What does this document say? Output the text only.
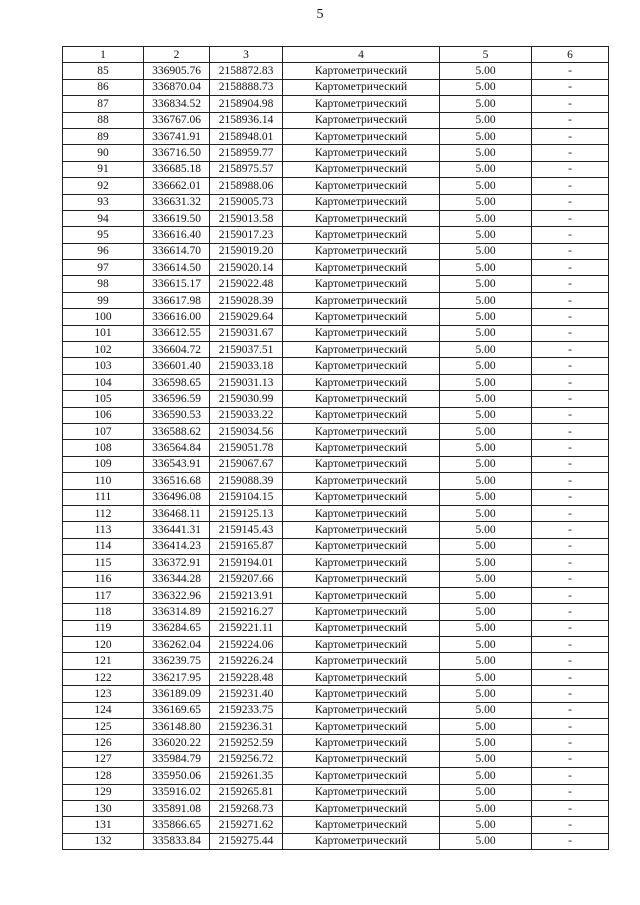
5
1	2	3	4	5	6
85	336905.76	2158872.83	Картометрический	5.00	-
86	336870.04	2158888.73	Картометрический	5.00	-
87	336834.52	2158904.98	Картометрический	5.00	-
88	336767.06	2158936.14	Картометрический	5.00	-
89	336741.91	2158948.01	Картометрический	5.00	-
90	336716.50	2158959.77	Картометрический	5.00	-
91	336685.18	2158975.57	Картометрический	5.00	-
92	336662.01	2158988.06	Картометрический	5.00	-
93	336631.32	2159005.73	Картометрический	5.00	-
94	336619.50	2159013.58	Картометрический	5.00	-
95	336616.40	2159017.23	Картометрический	5.00	-
96	336614.70	2159019.20	Картометрический	5.00	-
97	336614.50	2159020.14	Картометрический	5.00	-
98	336615.17	2159022.48	Картометрический	5.00	-
99	336617.98	2159028.39	Картометрический	5.00	-
100	336616.00	2159029.64	Картометрический	5.00	-
101	336612.55	2159031.67	Картометрический	5.00	-
102	336604.72	2159037.51	Картометрический	5.00	-
103	336601.40	2159033.18	Картометрический	5.00	-
104	336598.65	2159031.13	Картометрический	5.00	-
105	336596.59	2159030.99	Картометрический	5.00	-
106	336590.53	2159033.22	Картометрический	5.00	-
107	336588.62	2159034.56	Картометрический	5.00	-
108	336564.84	2159051.78	Картометрический	5.00	-
109	336543.91	2159067.67	Картометрический	5.00	-
110	336516.68	2159088.39	Картометрический	5.00	-
111	336496.08	2159104.15	Картометрический	5.00	-
112	336468.11	2159125.13	Картометрический	5.00	-
113	336441.31	2159145.43	Картометрический	5.00	-
114	336414.23	2159165.87	Картометрический	5.00	-
115	336372.91	2159194.01	Картометрический	5.00	-
116	336344.28	2159207.66	Картометрический	5.00	-
117	336322.96	2159213.91	Картометрический	5.00	-
118	336314.89	2159216.27	Картометрический	5.00	-
119	336284.65	2159221.11	Картометрический	5.00	-
120	336262.04	2159224.06	Картометрический	5.00	-
121	336239.75	2159226.24	Картометрический	5.00	-
122	336217.95	2159228.48	Картометрический	5.00	-
123	336189.09	2159231.40	Картометрический	5.00	-
124	336169.65	2159233.75	Картометрический	5.00	-
125	336148.80	2159236.31	Картометрический	5.00	-
126	336020.22	2159252.59	Картометрический	5.00	-
127	335984.79	2159256.72	Картометрический	5.00	-
128	335950.06	2159261.35	Картометрический	5.00	-
129	335916.02	2159265.81	Картометрический	5.00	-
130	335891.08	2159268.73	Картометрический	5.00	-
131	335866.65	2159271.62	Картометрический	5.00	-
132	335833.84	2159275.44	Картометрический	5.00	-
